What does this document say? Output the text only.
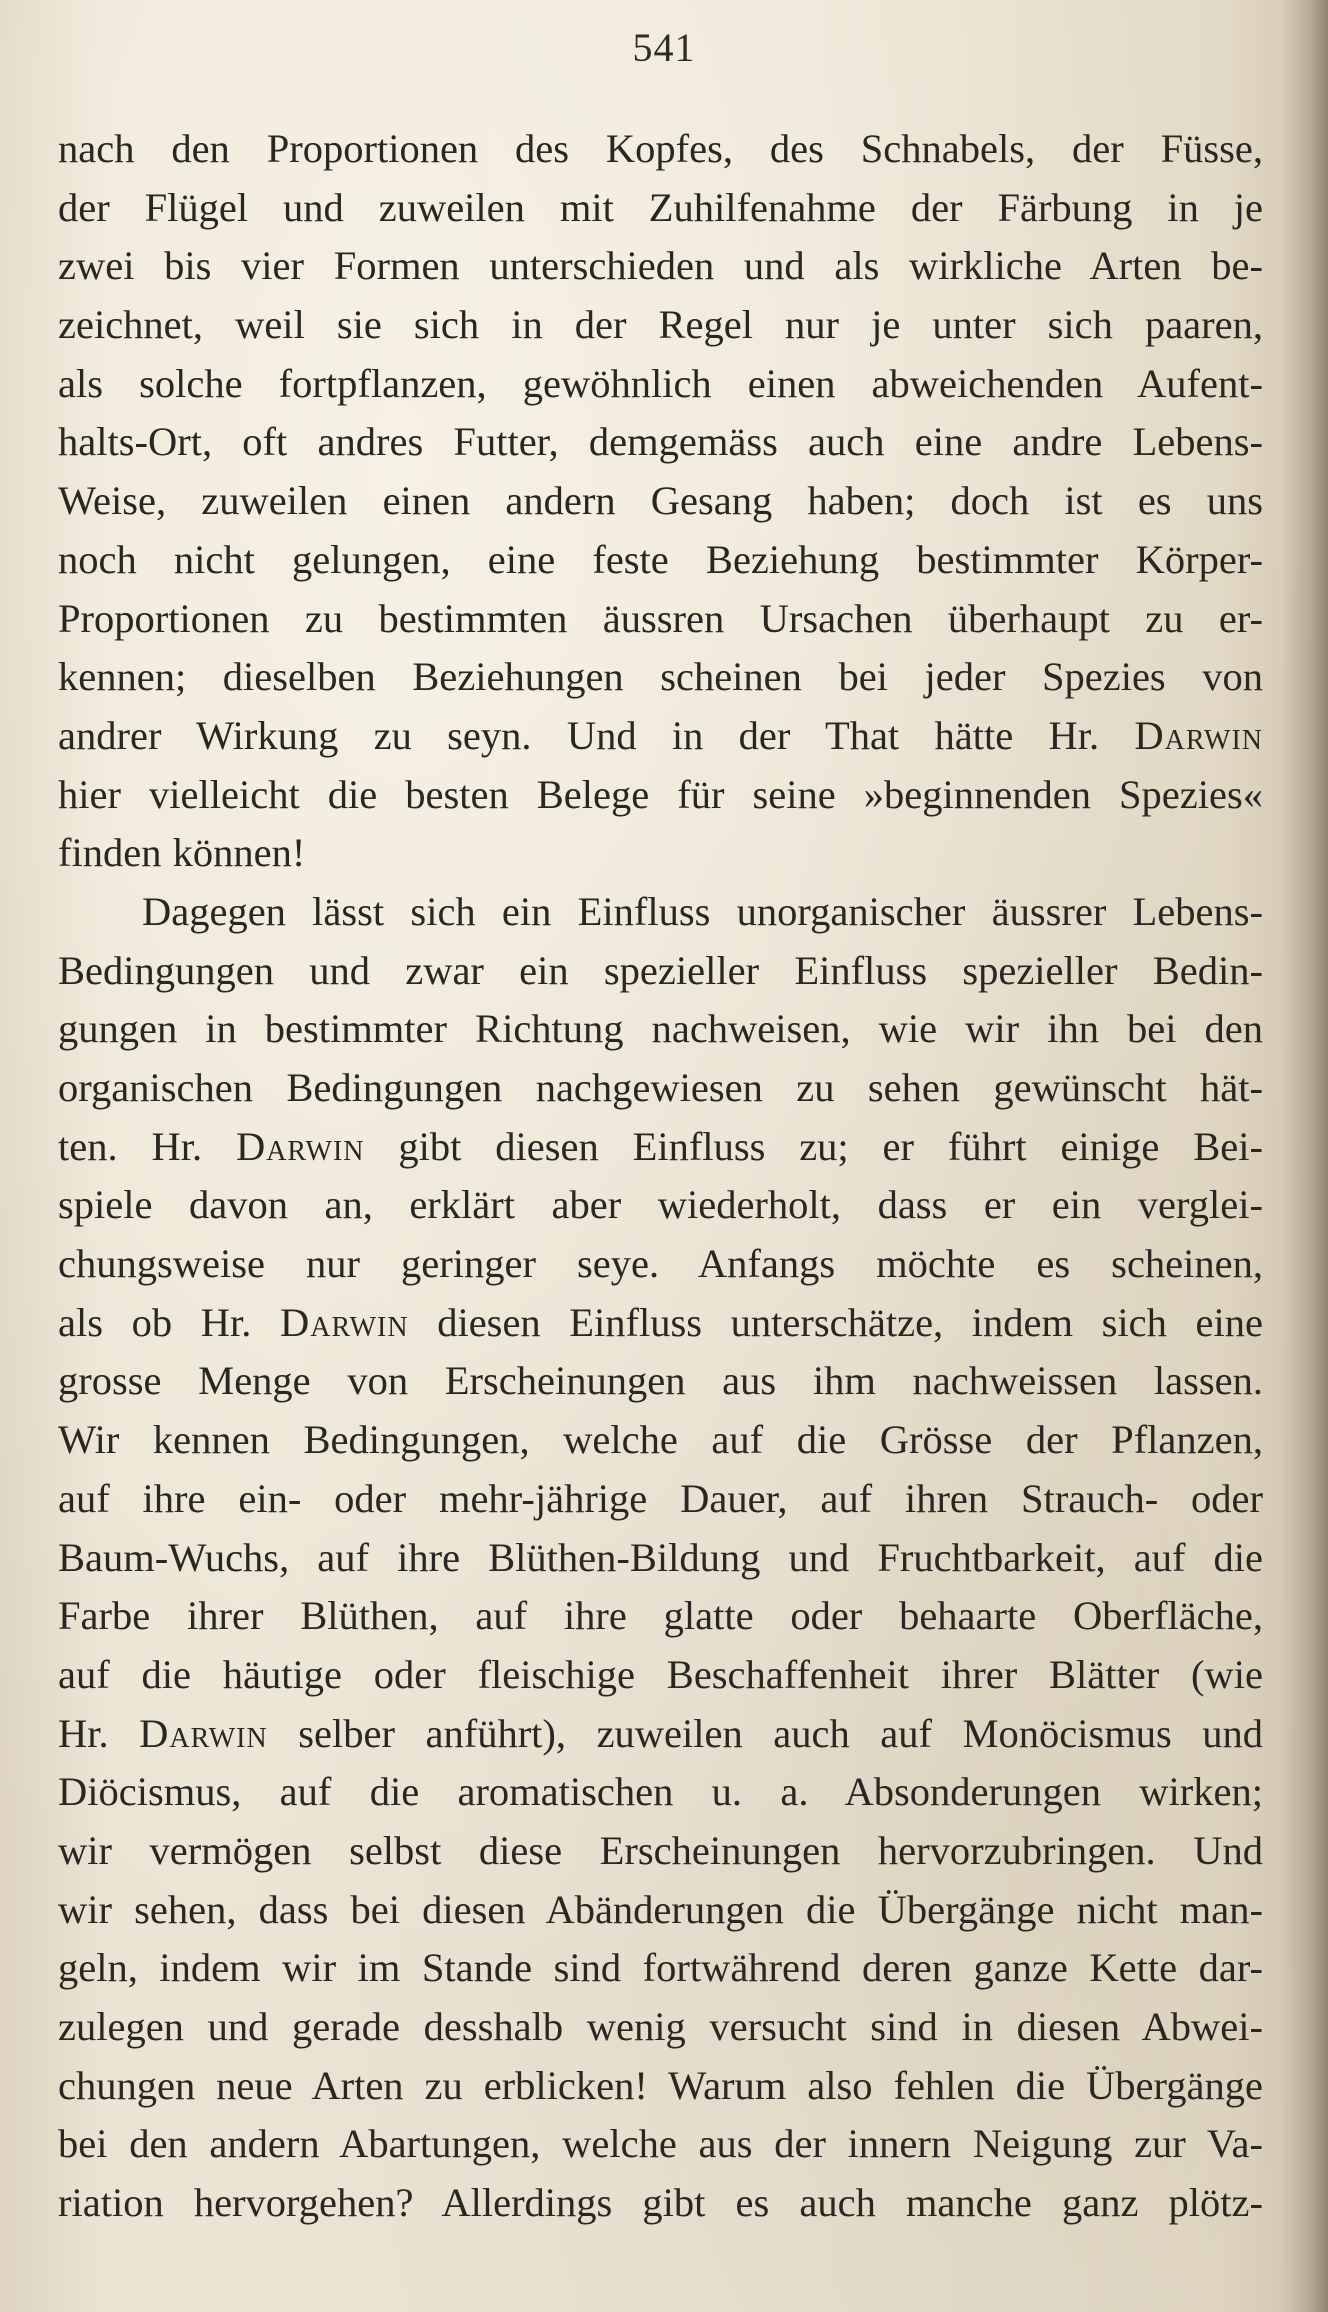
541
nach den Proportionen des Kopfes, des Schnabels, der Füsse,
der Flügel und zuweilen mit Zuhilfenahme der Färbung in je
zwei bis vier Formen unterschieden und als wirkliche Arten be-
zeichnet, weil sie sich in der Regel nur je unter sich paaren,
als solche fortpflanzen, gewöhnlich einen abweichenden Aufent-
halts-Ort, oft andres Futter, demgemäss auch eine andre Lebens-
Weise, zuweilen einen andern Gesang haben; doch ist es uns
noch nicht gelungen, eine feste Beziehung bestimmter Körper-
Proportionen zu bestimmten äussren Ursachen überhaupt zu er-
kennen; dieselben Beziehungen scheinen bei jeder Spezies von
andrer Wirkung zu seyn. Und in der That hätte Hr. Darwin
hier vielleicht die besten Belege für seine »beginnenden Spezies«
finden können!
Dagegen lässt sich ein Einfluss unorganischer äussrer Lebens-
Bedingungen und zwar ein spezieller Einfluss spezieller Bedin-
gungen in bestimmter Richtung nachweisen, wie wir ihn bei den
organischen Bedingungen nachgewiesen zu sehen gewünscht hät-
ten. Hr. Darwin gibt diesen Einfluss zu; er führt einige Bei-
spiele davon an, erklärt aber wiederholt, dass er ein verglei-
chungsweise nur geringer seye. Anfangs möchte es scheinen,
als ob Hr. Darwin diesen Einfluss unterschätze, indem sich eine
grosse Menge von Erscheinungen aus ihm nachweissen lassen.
Wir kennen Bedingungen, welche auf die Grösse der Pflanzen,
auf ihre ein- oder mehr-jährige Dauer, auf ihren Strauch- oder
Baum-Wuchs, auf ihre Blüthen-Bildung und Fruchtbarkeit, auf die
Farbe ihrer Blüthen, auf ihre glatte oder behaarte Oberfläche,
auf die häutige oder fleischige Beschaffenheit ihrer Blätter (wie
Hr. Darwin selber anführt), zuweilen auch auf Monöcismus und
Diöcismus, auf die aromatischen u. a. Absonderungen wirken;
wir vermögen selbst diese Erscheinungen hervorzubringen. Und
wir sehen, dass bei diesen Abänderungen die Übergänge nicht man-
geln, indem wir im Stande sind fortwährend deren ganze Kette dar-
zulegen und gerade desshalb wenig versucht sind in diesen Abwei-
chungen neue Arten zu erblicken! Warum also fehlen die Übergänge
bei den andern Abartungen, welche aus der innern Neigung zur Va-
riation hervorgehen? Allerdings gibt es auch manche ganz plötz-
